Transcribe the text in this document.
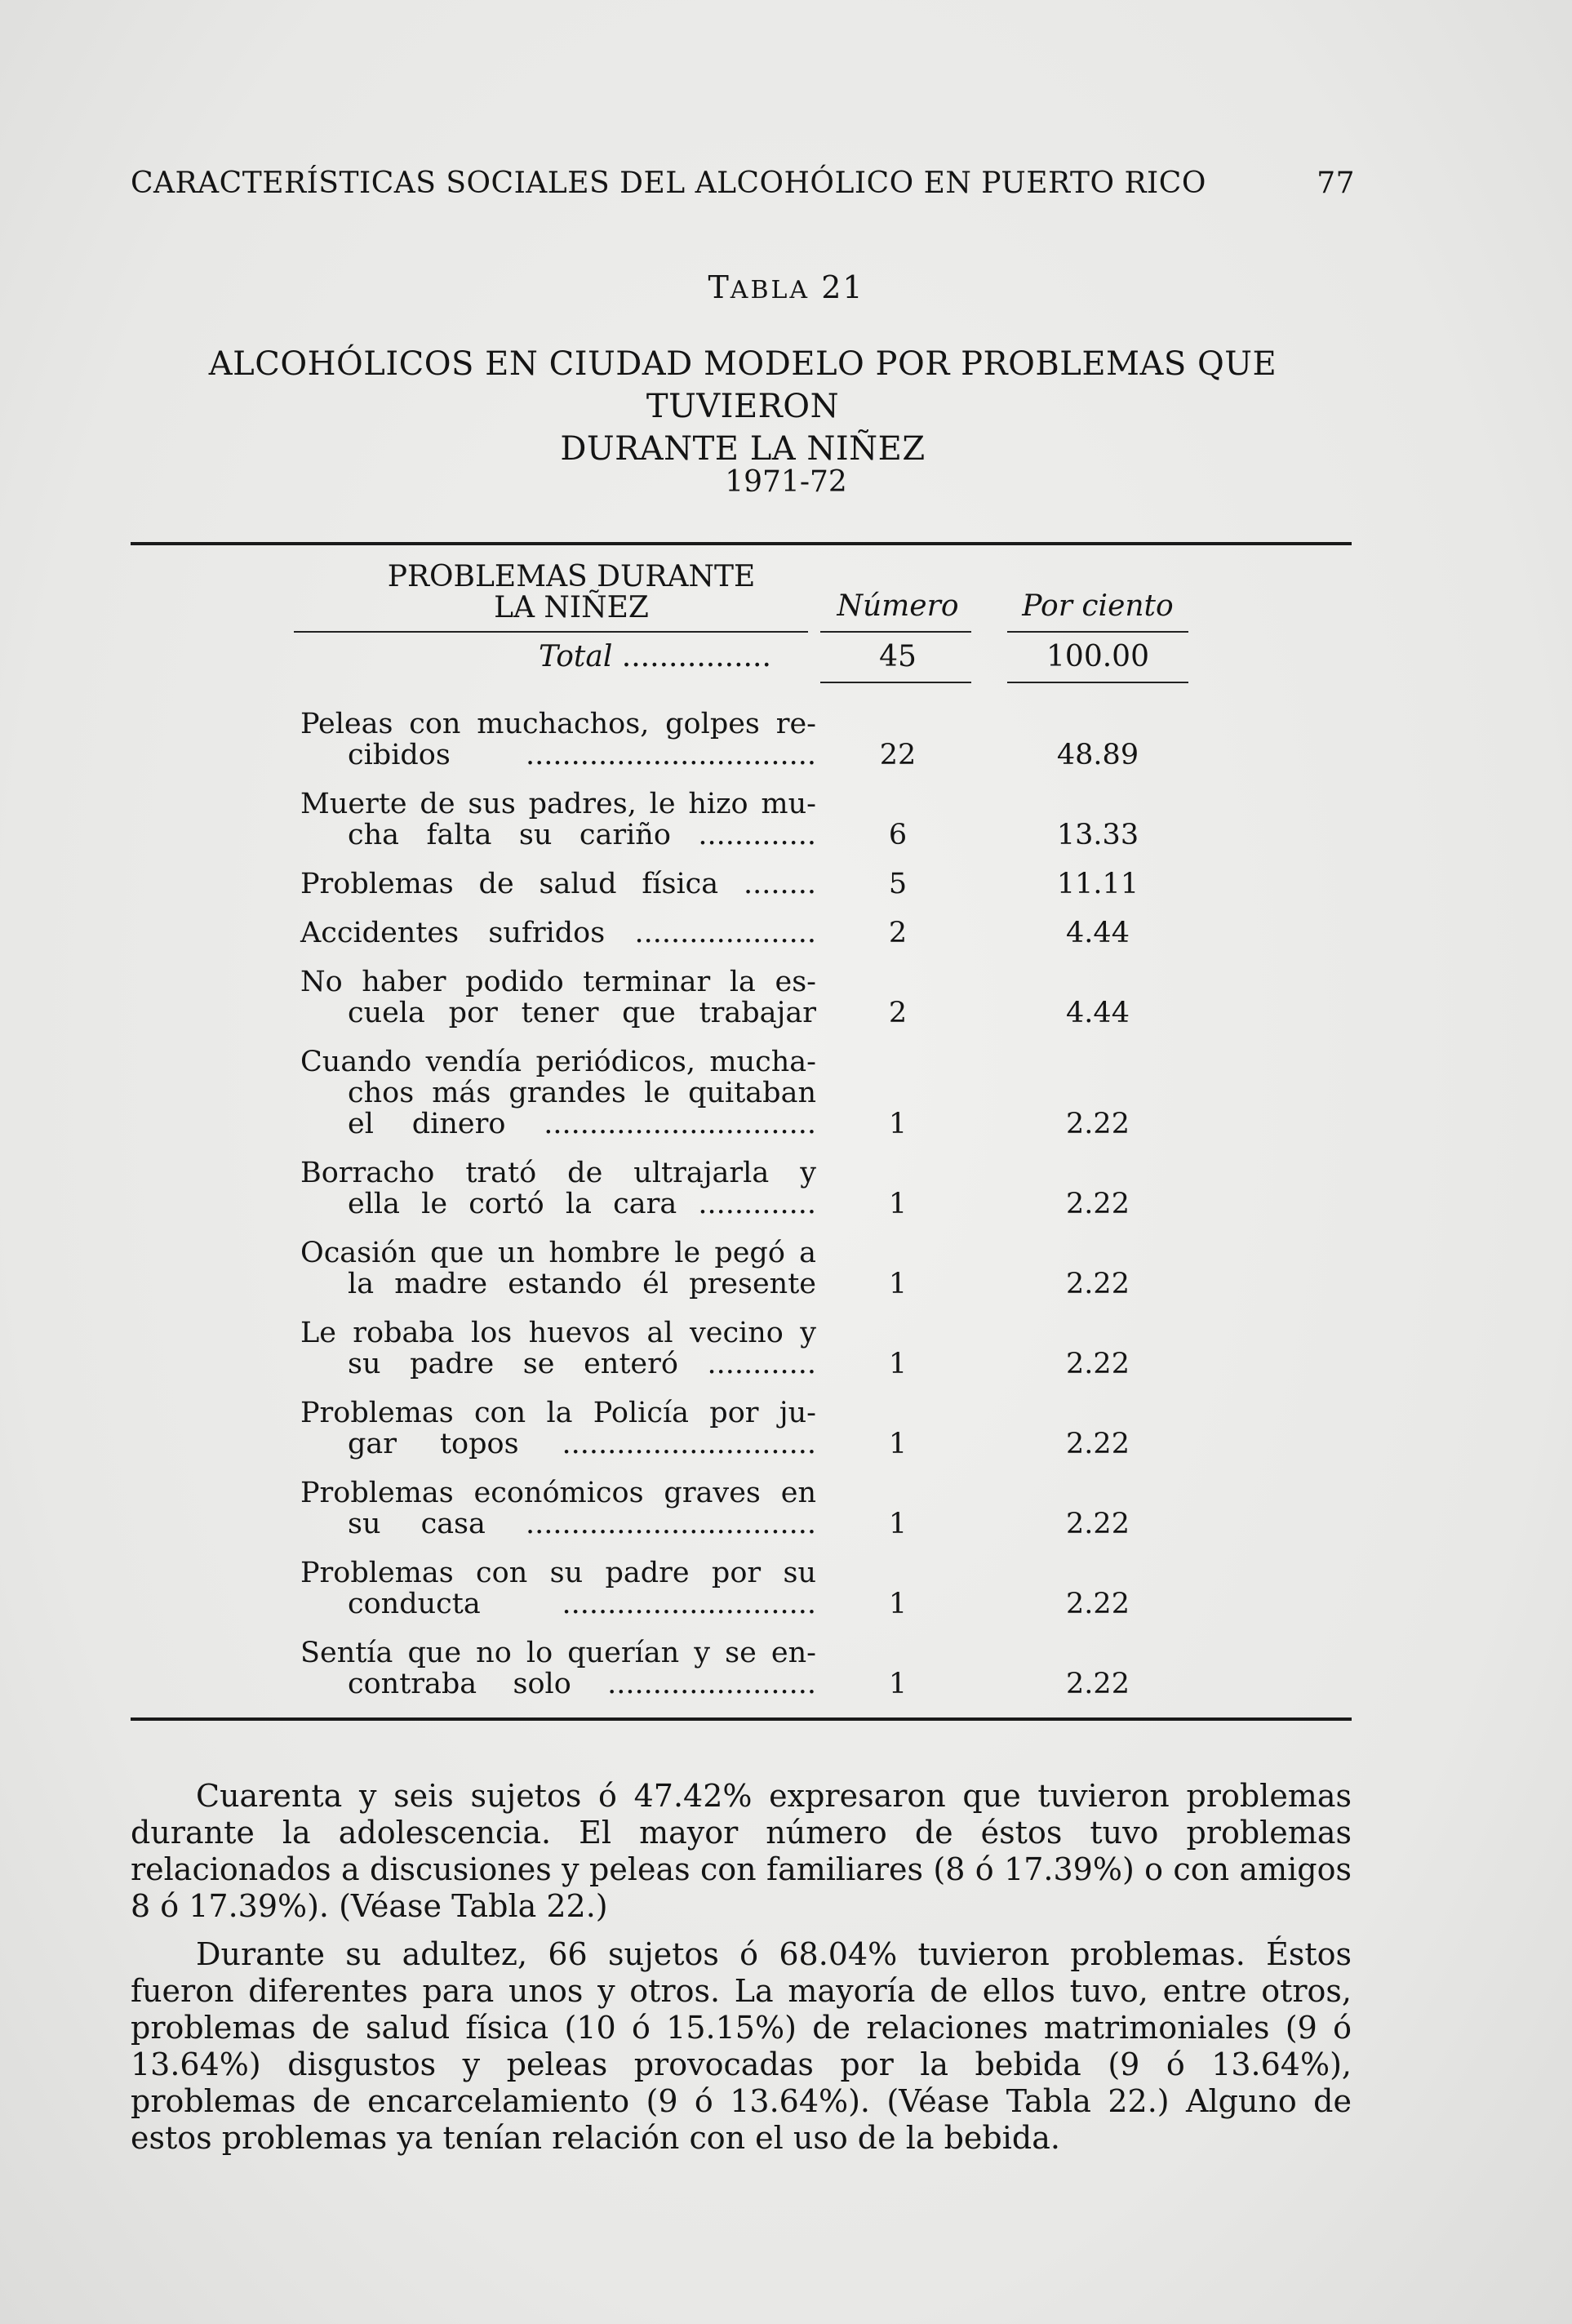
CARACTERÍSTICAS SOCIALES DEL ALCOHÓLICO EN PUERTO RICO	77
TABLA 21
ALCOHÓLICOS EN CIUDAD MODELO POR PROBLEMAS QUE TUVIERON
DURANTE LA NIÑEZ
1971-72
PROBLEMAS DURANTE
LA NIÑEZ	Número	Por ciento
Total ................	45	100.00
Peleas con muchachos, golpes re-
cibidos ................................	22	48.89
Muerte de sus padres, le hizo mu-
cha falta su cariño .............	6	13.33
Problemas de salud física ........	5	11.11
Accidentes sufridos ....................	2	4.44
No haber podido terminar la es-
cuela por tener que trabajar	2	4.44
Cuando vendía periódicos, mucha-
chos más grandes le quitaban
el dinero ..............................	1	2.22
Borracho trató de ultrajarla y
ella le cortó la cara .............	1	2.22
Ocasión que un hombre le pegó a
la madre estando él presente	1	2.22
Le robaba los huevos al vecino y
su padre se enteró ............	1	2.22
Problemas con la Policía por ju-
gar topos ............................	1	2.22
Problemas económicos graves en
su casa ................................	1	2.22
Problemas con su padre por su
conducta ............................	1	2.22
Sentía que no lo querían y se en-
contraba solo .......................	1	2.22

Cuarenta y seis sujetos ó 47.42% expresaron que tuvieron problemas durante la adolescencia. El mayor número de éstos tuvo problemas relacionados a discusiones y peleas con familiares (8 ó 17.39%) o con amigos 8 ó 17.39%). (Véase Tabla 22.)

Durante su adultez, 66 sujetos ó 68.04% tuvieron problemas. Éstos fueron diferentes para unos y otros. La mayoría de ellos tuvo, entre otros, problemas de salud física (10 ó 15.15%) de relaciones matrimoniales (9 ó 13.64%) disgustos y peleas provocadas por la bebida (9 ó 13.64%), problemas de encarcelamiento (9 ó 13.64%). (Véase Tabla 22.) Alguno de estos problemas ya tenían relación con el uso de la bebida.
